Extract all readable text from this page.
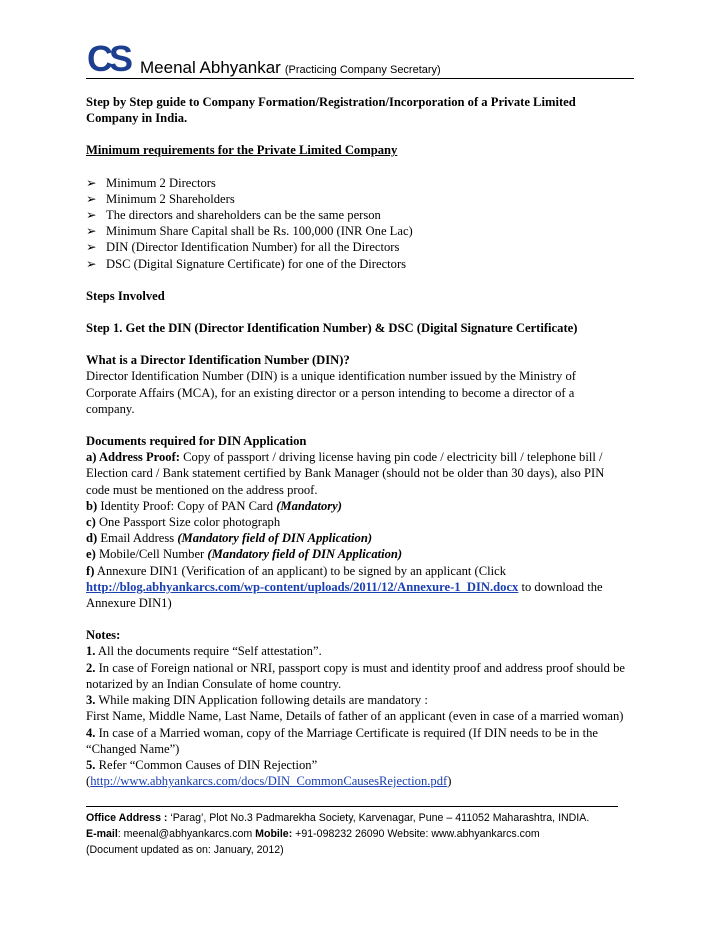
CS Meenal Abhyankar (Practicing Company Secretary)

Step by Step guide to Company Formation/Registration/Incorporation of a Private Limited

Company in India.

Minimum requirements for the Private Limited Company

➢ Minimum 2 Directors
➢ Minimum 2 Shareholders
➢ The directors and shareholders can be the same person
➢ Minimum Share Capital shall be Rs. 100,000 (INR One Lac)
➢ DIN (Director Identification Number) for all the Directors
➢ DSC (Digital Signature Certificate) for one of the Directors

Steps Involved

Step 1. Get the DIN (Director Identification Number) & DSC (Digital Signature Certificate)

What is a Director Identification Number (DIN)?

Director Identification Number (DIN) is a unique identification number issued by the Ministry of

Corporate Affairs (MCA), for an existing director or a person intending to become a director of a

company.

Documents required for DIN Application

a) Address Proof: Copy of passport / driving license having pin code / electricity bill / telephone bill /

Election card / Bank statement certified by Bank Manager (should not be older than 30 days), also PIN

code must be mentioned on the address proof.

b) Identity Proof: Copy of PAN Card (Mandatory)

c) One Passport Size color photograph

d) Email Address (Mandatory field of DIN Application)

e) Mobile/Cell Number (Mandatory field of DIN Application)

f) Annexure DIN1 (Verification of an applicant) to be signed by an applicant (Click

http://blog.abhyankarcs.com/wp-content/uploads/2011/12/Annexure-1_DIN.docx to download the

Annexure DIN1)

Notes:

1. All the documents require “Self attestation”.

2. In case of Foreign national or NRI, passport copy is must and identity proof and address proof should be

notarized by an Indian Consulate of home country.

3. While making DIN Application following details are mandatory :

First Name, Middle Name, Last Name, Details of father of an applicant (even in case of a married woman)

4. In case of a Married woman, copy of the Marriage Certificate is required (If DIN needs to be in the

“Changed Name”)

5. Refer “Common Causes of DIN Rejection”

(http://www.abhyankarcs.com/docs/DIN_CommonCausesRejection.pdf)

Office Address : ‘Parag’, Plot No.3 Padmarekha Society, Karvenagar, Pune – 411052 Maharashtra, INDIA.

E-mail: meenal@abhyankarcs.com Mobile: +91-098232 26090 Website: www.abhyankarcs.com

(Document updated as on: January, 2012)
